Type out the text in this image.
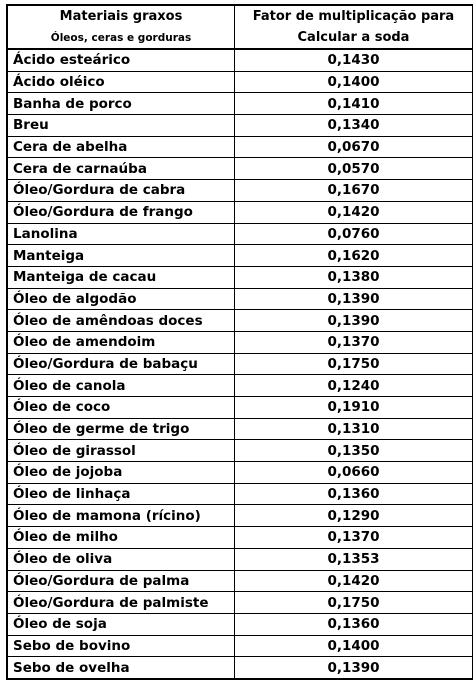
Materiais graxos	Fator de multiplicação para
Óleos, ceras e gorduras	Calcular a soda
Ácido esteárico	0,1430
Ácido oléico	0,1400
Banha de porco	0,1410
Breu	0,1340
Cera de abelha	0,0670
Cera de carnaúba	0,0570
Óleo/Gordura de cabra	0,1670
Óleo/Gordura de frango	0,1420
Lanolina	0,0760
Manteiga	0,1620
Manteiga de cacau	0,1380
Óleo de algodão	0,1390
Óleo de amêndoas doces	0,1390
Óleo de amendoim	0,1370
Óleo/Gordura de babaçu	0,1750
Óleo de canola	0,1240
Óleo de coco	0,1910
Óleo de germe de trigo	0,1310
Óleo de girassol	0,1350
Óleo de jojoba	0,0660
Óleo de linhaça	0,1360
Óleo de mamona (rícino)	0,1290
Óleo de milho	0,1370
Óleo de oliva	0,1353
Óleo/Gordura de palma	0,1420
Óleo/Gordura de palmiste	0,1750
Óleo de soja	0,1360
Sebo de bovino	0,1400
Sebo de ovelha	0,1390
